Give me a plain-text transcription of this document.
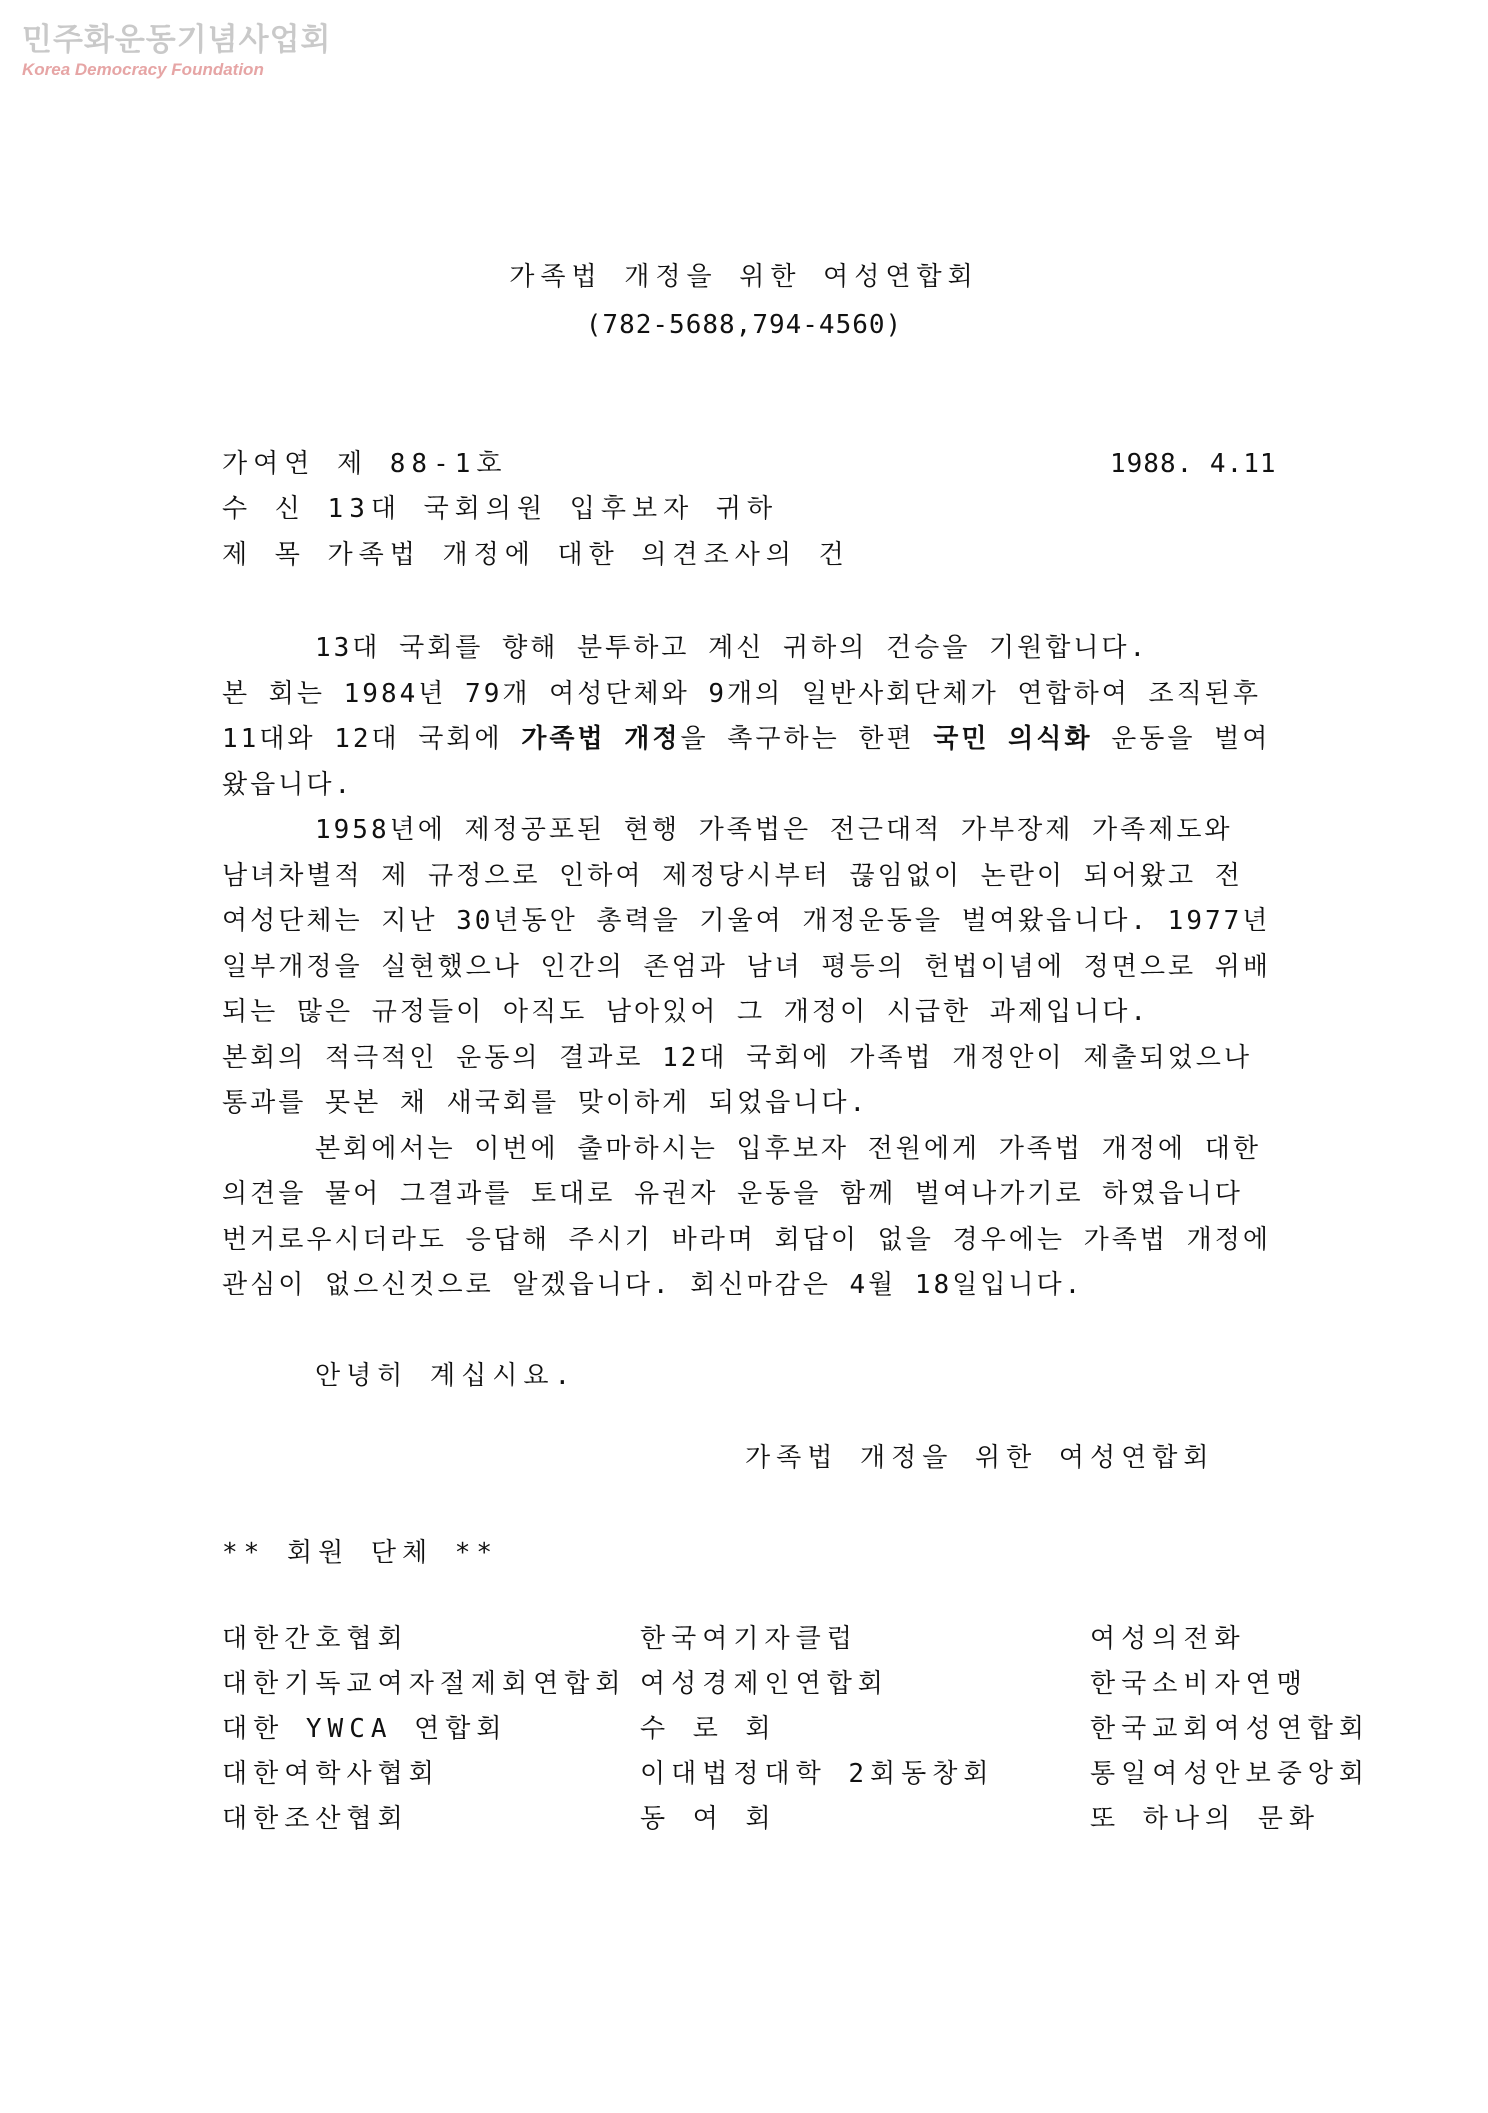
민주화운동기념사업회
Korea Democracy Foundation
가족법 개정을 위한 여성연합회
(782-5688,794-4560)
가여연 제 88-1호	1988. 4.11
수 신 13대 국회의원 입후보자 귀하
제 목 가족법 개정에 대한 의견조사의 건
13대 국회를 향해 분투하고 계신 귀하의 건승을 기원합니다.
본 회는 1984년 79개 여성단체와 9개의 일반사회단체가 연합하여 조직된후
11대와 12대 국회에 가족법 개정을 촉구하는 한편 국민 의식화 운동을 벌여
왔읍니다.
1958년에 제정공포된 현행 가족법은 전근대적 가부장제 가족제도와
남녀차별적 제 규정으로 인하여 제정당시부터 끊임없이 논란이 되어왔고 전
여성단체는 지난 30년동안 총력을 기울여 개정운동을 벌여왔읍니다. 1977년
일부개정을 실현했으나 인간의 존엄과 남녀 평등의 헌법이념에 정면으로 위배
되는 많은 규정들이 아직도 남아있어 그 개정이 시급한 과제입니다.
본회의 적극적인 운동의 결과로 12대 국회에 가족법 개정안이 제출되었으나
통과를 못본 채 새국회를 맞이하게 되었읍니다.
본회에서는 이번에 출마하시는 입후보자 전원에게 가족법 개정에 대한
의견을 물어 그결과를 토대로 유권자 운동을 함께 벌여나가기로 하였읍니다
번거로우시더라도 응답해 주시기 바라며 회답이 없을 경우에는 가족법 개정에
관심이 없으신것으로 알겠읍니다. 회신마감은 4월 18일입니다.
안녕히 계십시요.
가족법 개정을 위한 여성연합회
** 회원 단체 **
대한간호협회
대한기독교여자절제회연합회
대한 YWCA 연합회
대한여학사협회
대한조산협회
한국여기자클럽
여성경제인연합회
수 로 회
이대법정대학 2회동창회
동 여 회
여성의전화
한국소비자연맹
한국교회여성연합회
통일여성안보중앙회
또 하나의 문화
